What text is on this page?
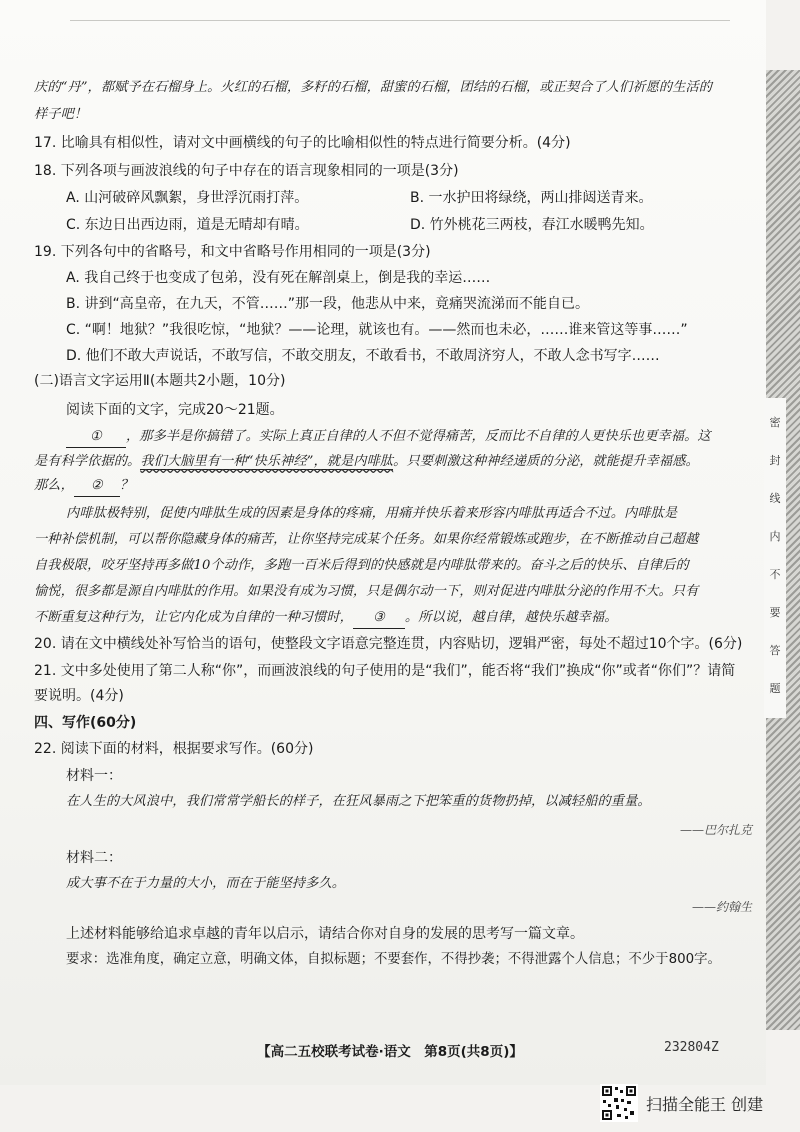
庆的“丹”，都赋予在石榴身上。火红的石榴，多籽的石榴，甜蜜的石榴，团结的石榴，或正契合了人们祈愿的生活的
样子吧！
17. 比喻具有相似性，请对文中画横线的句子的比喻相似性的特点进行简要分析。(4分)
18. 下列各项与画波浪线的句子中存在的语言现象相同的一项是(3分)
A. 山河破碎风飘絮，身世浮沉雨打萍。	B. 一水护田将绿绕，两山排闼送青来。
C. 东边日出西边雨，道是无晴却有晴。	D. 竹外桃花三两枝，春江水暖鸭先知。
19. 下列各句中的省略号，和文中省略号作用相同的一项是(3分)
A. 我自己终于也变成了包弟，没有死在解剖桌上，倒是我的幸运……
B. 讲到“高皇帝，在九天，不管……”那一段，他悲从中来，竟痛哭流涕而不能自已。
C. “啊！地狱？”我很吃惊，“地狱？——论理，就该也有。——然而也未必，……谁来管这等事……”
D. 他们不敢大声说话，不敢写信，不敢交朋友，不敢看书，不敢周济穷人，不敢人念书写字……
(二)语言文字运用Ⅱ(本题共2小题，10分)
阅读下面的文字，完成20～21题。
① ，那多半是你搞错了。实际上真正自律的人不但不觉得痛苦，反而比不自律的人更快乐也更幸福。这
是有科学依据的。我们大脑里有一种“快乐神经”，就是内啡肽。只要刺激这种神经递质的分泌，就能提升幸福感。
那么， ② ？
内啡肽极特别，促使内啡肽生成的因素是身体的疼痛，用痛并快乐着来形容内啡肽再适合不过。内啡肽是
一种补偿机制，可以帮你隐藏身体的痛苦，让你坚持完成某个任务。如果你经常锻炼或跑步，在不断推动自己超越
自我极限，咬牙坚持再多做10个动作，多跑一百米后得到的快感就是内啡肽带来的。奋斗之后的快乐、自律后的
愉悦，很多都是源自内啡肽的作用。如果没有成为习惯，只是偶尔动一下，则对促进内啡肽分泌的作用不大。只有
不断重复这种行为，让它内化成为自律的一种习惯时， ③ 。所以说，越自律，越快乐越幸福。
20. 请在文中横线处补写恰当的语句，使整段文字语意完整连贯，内容贴切，逻辑严密，每处不超过10个字。(6分)
21. 文中多处使用了第二人称“你”，而画波浪线的句子使用的是“我们”，能否将“我们”换成“你”或者“你们”？请简
要说明。(4分)
四、写作(60分)
22. 阅读下面的材料，根据要求写作。(60分)
材料一：
在人生的大风浪中，我们常常学船长的样子，在狂风暴雨之下把笨重的货物扔掉，以减轻船的重量。
——巴尔扎克
材料二：
成大事不在于力量的大小，而在于能坚持多久。
——约翰生
上述材料能够给追求卓越的青年以启示，请结合你对自身的发展的思考写一篇文章。
要求：选准角度，确定立意，明确文体，自拟标题；不要套作，不得抄袭；不得泄露个人信息；不少于800字。
【高二五校联考试卷·语文　第8页(共8页)】	232804Z
密
封
线
内
不
要
答
题
扫描全能王 创建
